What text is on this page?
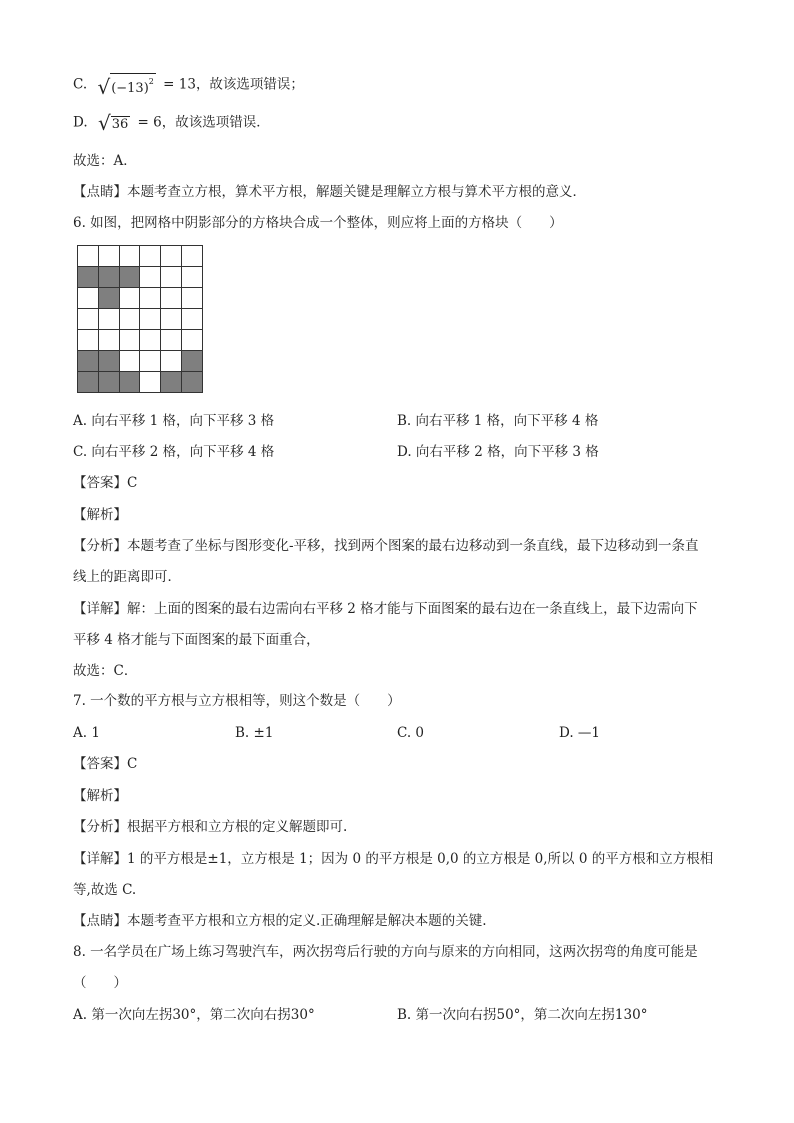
C. √ $(-13)^2 = 13$，故该选项错误；
D. √ 36 = 6，故该选项错误．
故选：A．
【点睛】本题考查立方根，算术平方根，解题关键是理解立方根与算术平方根的意义．
6. 如图，把网格中阴影部分的方格块合成一个整体，则应将上面的方格块（　　）

A. 向右平移 1 格，向下平移 3 格	B. 向右平移 1 格，向下平移 4 格
C. 向右平移 2 格，向下平移 4 格	D. 向右平移 2 格，向下平移 3 格
【答案】C
【解析】
【分析】本题考查了坐标与图形变化-平移，找到两个图案的最右边移动到一条直线，最下边移动到一条直
线上的距离即可．
【详解】解：上面的图案的最右边需向右平移 2 格才能与下面图案的最右边在一条直线上，最下边需向下
平移 4 格才能与下面图案的最下面重合，
故选：C．
7. 一个数的平方根与立方根相等，则这个数是（　　）
A. 1	B. ±1	C. 0	D. —1
【答案】C
【解析】
【分析】根据平方根和立方根的定义解题即可.
【详解】1 的平方根是±1，立方根是 1；因为 0 的平方根是 0,0 的立方根是 0,所以 0 的平方根和立方根相
等,故选 C.
【点睛】本题考查平方根和立方根的定义.正确理解是解决本题的关键.
8. 一名学员在广场上练习驾驶汽车，两次拐弯后行驶的方向与原来的方向相同，这两次拐弯的角度可能是
（　　）
A. 第一次向左拐30°，第二次向右拐30°	B. 第一次向右拐50°，第二次向左拐130°
